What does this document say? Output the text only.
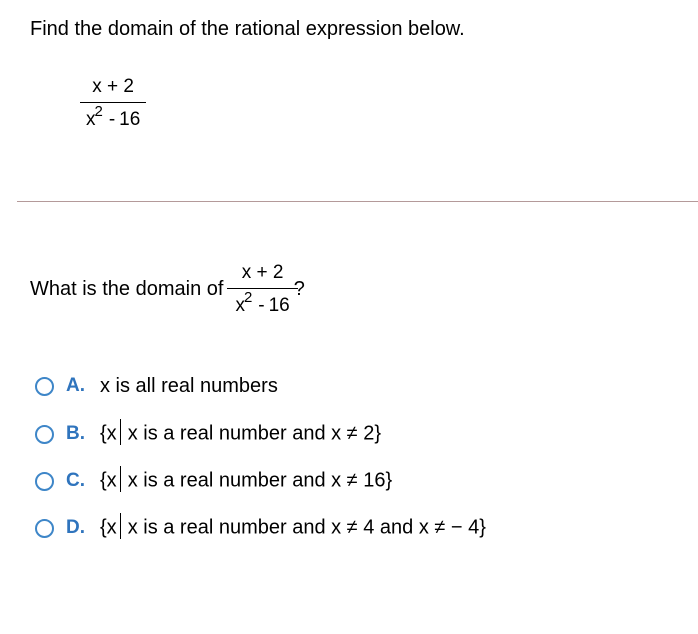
Find the domain of the rational expression below.
x + 2
$x^2 - 16$
What is the domain of $\frac{x + 2}{x^2 - 16}$
?
A. x is all real numbers
B. {x x is a real number and x ≠ 2}
C. {x x is a real number and x ≠ 16}
D. {x x is a real number and x ≠ 4 and x ≠ − 4}
